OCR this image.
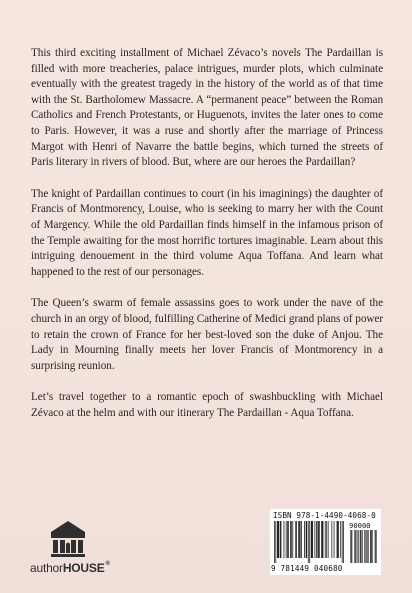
This third exciting installment of Michael Zévaco’s novels The Pardaillan is filled with more treacheries, palace intrigues, murder plots, which culminate eventually with the greatest tragedy in the history of the world as of that time with the St. Bartholomew Massacre. A “permanent peace” between the Roman Catholics and French Protestants, or Huguenots, invites the later ones to come to Paris. However, it was a ruse and shortly after the marriage of Princess Margot with Henri of Navarre the battle begins, which turned the streets of Paris literary in rivers of blood. But, where are our heroes the Pardaillan?

The knight of Pardaillan continues to court (in his imaginings) the daughter of Francis of Montmorency, Louise, who is seeking to marry her with the Count of Margency. While the old Pardaillan finds himself in the infamous prison of the Temple awaiting for the most horrific tortures imaginable. Learn about this intriguing denouement in the third volume Aqua Toffana. And learn what happened to the rest of our personages.

The Queen’s swarm of female assassins goes to work under the nave of the church in an orgy of blood, fulfilling Catherine of Medici grand plans of power to retain the crown of France for her best-loved son the duke of Anjou. The Lady in Mourning finally meets her lover Francis of Montmorency in a surprising reunion.

Let’s travel together to a romantic epoch of swashbuckling with Michael Zévaco at the helm and with our itinerary The Pardaillan - Aqua Toffana.

authorHOUSE®
ISBN 978-1-4490-4068-0
90000
9 781449 040680
